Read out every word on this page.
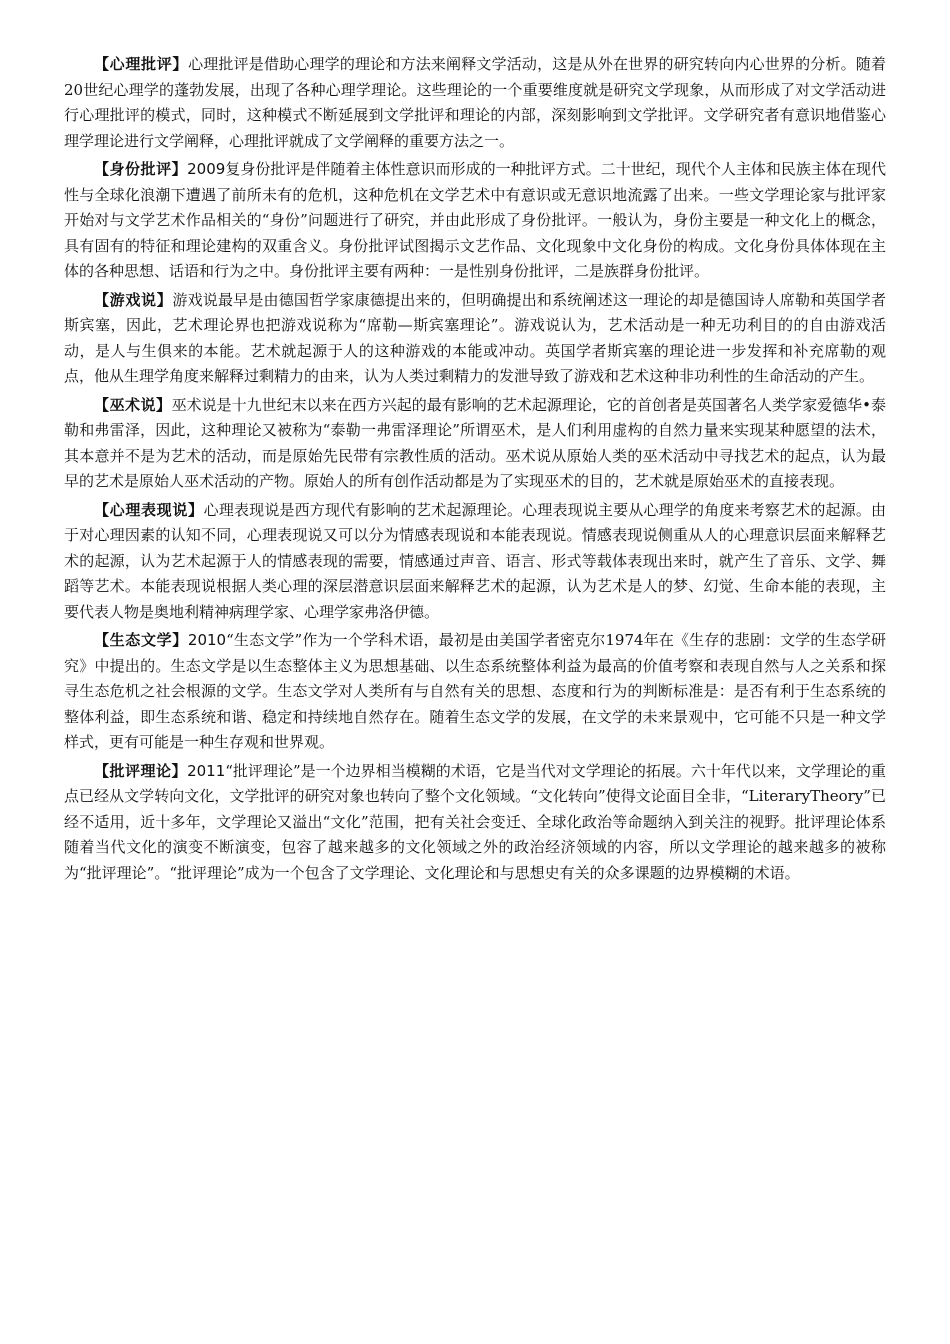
【心理批评】心理批评是借助心理学的理论和方法来阐释文学活动，这是从外在世界的研究转向内心世界的分析。随着20世纪心理学的蓬勃发展，出现了各种心理学理论。这些理论的一个重要维度就是研究文学现象，从而形成了对文学活动进行心理批评的模式，同时，这种模式不断延展到文学批评和理论的内部，深刻影响到文学批评。文学研究者有意识地借鉴心理学理论进行文学阐释，心理批评就成了文学阐释的重要方法之一。

【身份批评】2009复身份批评是伴随着主体性意识而形成的一种批评方式。二十世纪，现代个人主体和民族主体在现代性与全球化浪潮下遭遇了前所未有的危机，这种危机在文学艺术中有意识或无意识地流露了出来。一些文学理论家与批评家开始对与文学艺术作品相关的“身份”问题进行了研究，并由此形成了身份批评。一般认为，身份主要是一种文化上的概念，具有固有的特征和理论建构的双重含义。身份批评试图揭示文艺作品、文化现象中文化身份的构成。文化身份具体体现在主体的各种思想、话语和行为之中。身份批评主要有两种：一是性别身份批评，二是族群身份批评。

【游戏说】游戏说最早是由德国哲学家康德提出来的，但明确提出和系统阐述这一理论的却是德国诗人席勒和英国学者斯宾塞，因此，艺术理论界也把游戏说称为“席勒—斯宾塞理论”。游戏说认为，艺术活动是一种无功利目的的自由游戏活动，是人与生俱来的本能。艺术就起源于人的这种游戏的本能或冲动。英国学者斯宾塞的理论进一步发挥和补充席勒的观点，他从生理学角度来解释过剩精力的由来，认为人类过剩精力的发泄导致了游戏和艺术这种非功利性的生命活动的产生。

【巫术说】巫术说是十九世纪末以来在西方兴起的最有影响的艺术起源理论，它的首创者是英国著名人类学家爱德华•泰勒和弗雷泽，因此，这种理论又被称为“泰勒一弗雷泽理论”所谓巫术，是人们利用虚构的自然力量来实现某种愿望的法术，其本意并不是为艺术的活动，而是原始先民带有宗教性质的活动。巫术说从原始人类的巫术活动中寻找艺术的起点，认为最早的艺术是原始人巫术活动的产物。原始人的所有创作活动都是为了实现巫术的目的，艺术就是原始巫术的直接表现。

【心理表现说】心理表现说是西方现代有影响的艺术起源理论。心理表现说主要从心理学的角度来考察艺术的起源。由于对心理因素的认知不同，心理表现说又可以分为情感表现说和本能表现说。情感表现说侧重从人的心理意识层面来解释艺术的起源，认为艺术起源于人的情感表现的需要，情感通过声音、语言、形式等载体表现出来时，就产生了音乐、文学、舞蹈等艺术。本能表现说根据人类心理的深层潜意识层面来解释艺术的起源，认为艺术是人的梦、幻觉、生命本能的表现，主要代表人物是奥地利精神病理学家、心理学家弗洛伊德。

【生态文学】2010“生态文学”作为一个学科术语，最初是由美国学者密克尔1974年在《生存的悲剧：文学的生态学研究》中提出的。生态文学是以生态整体主义为思想基础、以生态系统整体利益为最高的价值考察和表现自然与人之关系和探寻生态危机之社会根源的文学。生态文学对人类所有与自然有关的思想、态度和行为的判断标准是：是否有利于生态系统的整体利益，即生态系统和谐、稳定和持续地自然存在。随着生态文学的发展，在文学的未来景观中，它可能不只是一种文学样式，更有可能是一种生存观和世界观。

【批评理论】2011“批评理论”是一个边界相当模糊的术语，它是当代对文学理论的拓展。六十年代以来，文学理论的重点已经从文学转向文化，文学批评的研究对象也转向了整个文化领域。“文化转向”使得文论面目全非，“LiteraryTheory”已经不适用，近十多年，文学理论又溢出“文化”范围，把有关社会变迁、全球化政治等命题纳入到关注的视野。批评理论体系随着当代文化的演变不断演变，包容了越来越多的文化领域之外的政治经济领域的内容，所以文学理论的越来越多的被称为“批评理论”。“批评理论”成为一个包含了文学理论、文化理论和与思想史有关的众多课题的边界模糊的术语。
